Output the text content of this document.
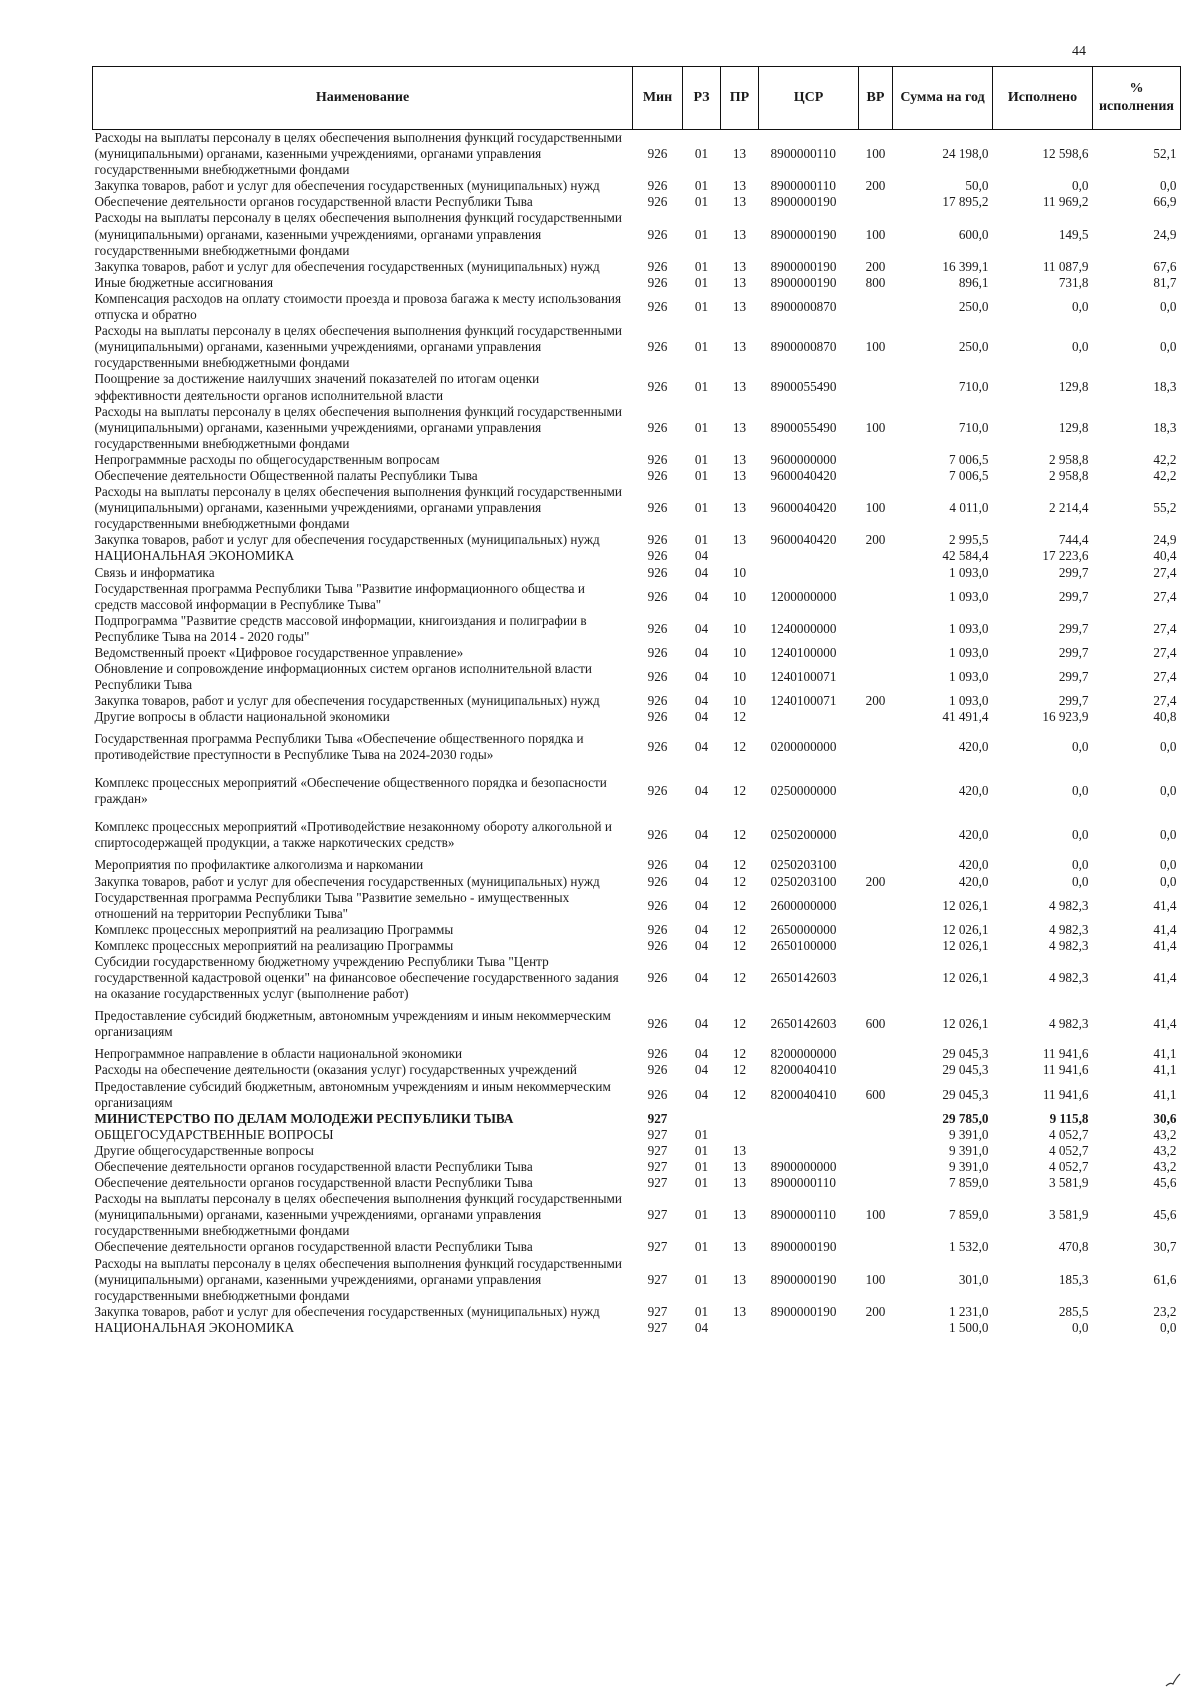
44
Наименование	Мин	РЗ	ПР	ЦСР	ВР	Сумма на год	Исполнено	% исполнения
Расходы на выплаты персоналу в целях обеспечения выполнения функций государственными (муниципальными) органами, казенными учреждениями, органами управления государственными внебюджетными фондами	926	01	13	8900000110	100	24 198,0	12 598,6	52,1
Закупка товаров, работ и услуг для обеспечения государственных (муниципальных) нужд	926	01	13	8900000110	200	50,0	0,0	0,0
Обеспечение деятельности органов государственной власти Республики Тыва	926	01	13	8900000190		17 895,2	11 969,2	66,9
Расходы на выплаты персоналу в целях обеспечения выполнения функций государственными (муниципальными) органами, казенными учреждениями, органами управления государственными внебюджетными фондами	926	01	13	8900000190	100	600,0	149,5	24,9
Закупка товаров, работ и услуг для обеспечения государственных (муниципальных) нужд	926	01	13	8900000190	200	16 399,1	11 087,9	67,6
Иные бюджетные ассигнования	926	01	13	8900000190	800	896,1	731,8	81,7
Компенсация расходов на оплату стоимости проезда и провоза багажа к месту использования отпуска и обратно	926	01	13	8900000870		250,0	0,0	0,0
Расходы на выплаты персоналу в целях обеспечения выполнения функций государственными (муниципальными) органами, казенными учреждениями, органами управления государственными внебюджетными фондами	926	01	13	8900000870	100	250,0	0,0	0,0
Поощрение за достижение наилучших значений показателей по итогам оценки эффективности деятельности органов исполнительной власти	926	01	13	8900055490		710,0	129,8	18,3
Расходы на выплаты персоналу в целях обеспечения выполнения функций государственными (муниципальными) органами, казенными учреждениями, органами управления государственными внебюджетными фондами	926	01	13	8900055490	100	710,0	129,8	18,3
Непрограммные расходы по общегосударственным вопросам	926	01	13	9600000000		7 006,5	2 958,8	42,2
Обеспечение деятельности Общественной палаты Республики Тыва	926	01	13	9600040420		7 006,5	2 958,8	42,2
Расходы на выплаты персоналу в целях обеспечения выполнения функций государственными (муниципальными) органами, казенными учреждениями, органами управления государственными внебюджетными фондами	926	01	13	9600040420	100	4 011,0	2 214,4	55,2
Закупка товаров, работ и услуг для обеспечения государственных (муниципальных) нужд	926	01	13	9600040420	200	2 995,5	744,4	24,9
НАЦИОНАЛЬНАЯ ЭКОНОМИКА	926	04				42 584,4	17 223,6	40,4
Связь и информатика	926	04	10			1 093,0	299,7	27,4
Государственная программа Республики Тыва "Развитие информационного общества и средств массовой информации в Республике Тыва"	926	04	10	1200000000		1 093,0	299,7	27,4
Подпрограмма "Развитие средств массовой информации, книгоиздания и полиграфии в Республике Тыва на 2014 - 2020 годы"	926	04	10	1240000000		1 093,0	299,7	27,4
Ведомственный проект «Цифровое государственное управление»	926	04	10	1240100000		1 093,0	299,7	27,4
Обновление и сопровождение информационных систем органов исполнительной власти Республики Тыва	926	04	10	1240100071		1 093,0	299,7	27,4
Закупка товаров, работ и услуг для обеспечения государственных (муниципальных) нужд	926	04	10	1240100071	200	1 093,0	299,7	27,4
Другие вопросы в области национальной экономики	926	04	12			41 491,4	16 923,9	40,8
Государственная программа Республики Тыва «Обеспечение общественного порядка и противодействие преступности в Республике Тыва на 2024-2030 годы»	926	04	12	0200000000		420,0	0,0	0,0
Комплекс процессных мероприятий «Обеспечение общественного порядка и безопасности граждан»	926	04	12	0250000000		420,0	0,0	0,0
Комплекс процессных мероприятий «Противодействие незаконному обороту алкогольной и спиртосодержащей продукции, а также наркотических средств»	926	04	12	0250200000		420,0	0,0	0,0
Мероприятия по профилактике алкоголизма и наркомании	926	04	12	0250203100		420,0	0,0	0,0
Закупка товаров, работ и услуг для обеспечения государственных (муниципальных) нужд	926	04	12	0250203100	200	420,0	0,0	0,0
Государственная программа Республики Тыва "Развитие земельно - имущественных отношений на территории Республики Тыва"	926	04	12	2600000000		12 026,1	4 982,3	41,4
Комплекс процессных мероприятий на реализацию Программы	926	04	12	2650000000		12 026,1	4 982,3	41,4
Комплекс процессных мероприятий на реализацию Программы	926	04	12	2650100000		12 026,1	4 982,3	41,4
Субсидии государственному бюджетному учреждению Республики Тыва "Центр государственной кадастровой оценки" на финансовое обеспечение государственного задания на оказание государственных услуг (выполнение работ)	926	04	12	2650142603		12 026,1	4 982,3	41,4
Предоставление субсидий бюджетным, автономным учреждениям и иным некоммерческим организациям	926	04	12	2650142603	600	12 026,1	4 982,3	41,4
Непрограммное направление в области национальной экономики	926	04	12	8200000000		29 045,3	11 941,6	41,1
Расходы на обеспечение деятельности (оказания услуг) государственных учреждений	926	04	12	8200040410		29 045,3	11 941,6	41,1
Предоставление субсидий бюджетным, автономным учреждениям и иным некоммерческим организациям	926	04	12	8200040410	600	29 045,3	11 941,6	41,1
МИНИСТЕРСТВО ПО ДЕЛАМ МОЛОДЕЖИ РЕСПУБЛИКИ ТЫВА	927					29 785,0	9 115,8	30,6
ОБЩЕГОСУДАРСТВЕННЫЕ ВОПРОСЫ	927	01				9 391,0	4 052,7	43,2
Другие общегосударственные вопросы	927	01	13			9 391,0	4 052,7	43,2
Обеспечение деятельности органов государственной власти Республики Тыва	927	01	13	8900000000		9 391,0	4 052,7	43,2
Обеспечение деятельности органов государственной власти Республики Тыва	927	01	13	8900000110		7 859,0	3 581,9	45,6
Расходы на выплаты персоналу в целях обеспечения выполнения функций государственными (муниципальными) органами, казенными учреждениями, органами управления государственными внебюджетными фондами	927	01	13	8900000110	100	7 859,0	3 581,9	45,6
Обеспечение деятельности органов государственной власти Республики Тыва	927	01	13	8900000190		1 532,0	470,8	30,7
Расходы на выплаты персоналу в целях обеспечения выполнения функций государственными (муниципальными) органами, казенными учреждениями, органами управления государственными внебюджетными фондами	927	01	13	8900000190	100	301,0	185,3	61,6
Закупка товаров, работ и услуг для обеспечения государственных (муниципальных) нужд	927	01	13	8900000190	200	1 231,0	285,5	23,2
НАЦИОНАЛЬНАЯ ЭКОНОМИКА	927	04				1 500,0	0,0	0,0
